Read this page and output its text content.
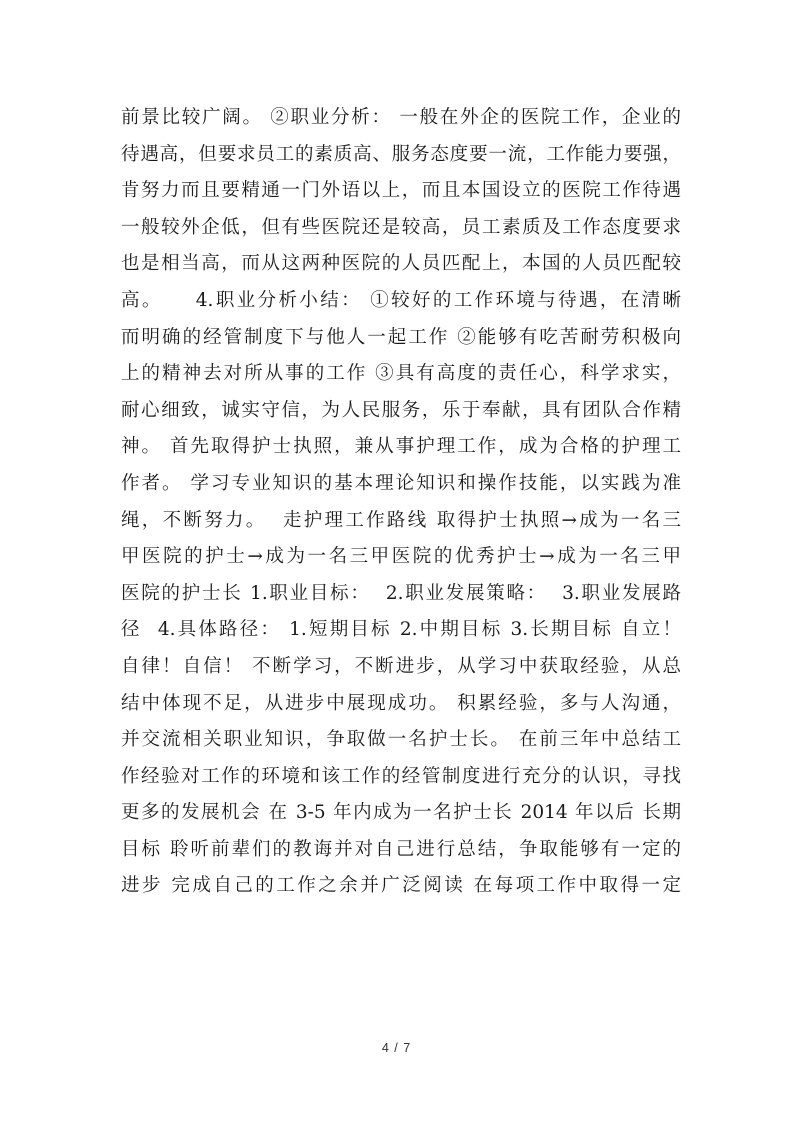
前景比较广阔。 ②职业分析： 一般在外企的医院工作，企业的
待遇高，但要求员工的素质高、服务态度要一流，工作能力要强，
肯努力而且要精通一门外语以上，而且本国设立的医院工作待遇
一般较外企低，但有些医院还是较高，员工素质及工作态度要求
也是相当高，而从这两种医院的人员匹配上，本国的人员匹配较
高。    4.职业分析小结： ①较好的工作环境与待遇，在清晰
而明确的经管制度下与他人一起工作 ②能够有吃苦耐劳积极向
上的精神去对所从事的工作 ③具有高度的责任心，科学求实，
耐心细致，诚实守信，为人民服务，乐于奉献，具有团队合作精
神。 首先取得护士执照，兼从事护理工作，成为合格的护理工
作者。 学习专业知识的基本理论知识和操作技能，以实践为准
绳，不断努力。  走护理工作路线 取得护士执照→成为一名三
甲医院的护士→成为一名三甲医院的优秀护士→成为一名三甲
医院的护士长 1.职业目标：  2.职业发展策略：  3.职业发展路
径  4.具体路径： 1.短期目标 2.中期目标 3.长期目标 自立！
自律！自信！ 不断学习，不断进步，从学习中获取经验，从总
结中体现不足，从进步中展现成功。 积累经验，多与人沟通，
并交流相关职业知识，争取做一名护士长。 在前三年中总结工
作经验对工作的环境和该工作的经管制度进行充分的认识，寻找
更多的发展机会 在 3-5 年内成为一名护士长 2014 年以后 长期
目标 聆听前辈们的教诲并对自己进行总结，争取能够有一定的
进步 完成自己的工作之余并广泛阅读 在每项工作中取得一定
4 / 7
